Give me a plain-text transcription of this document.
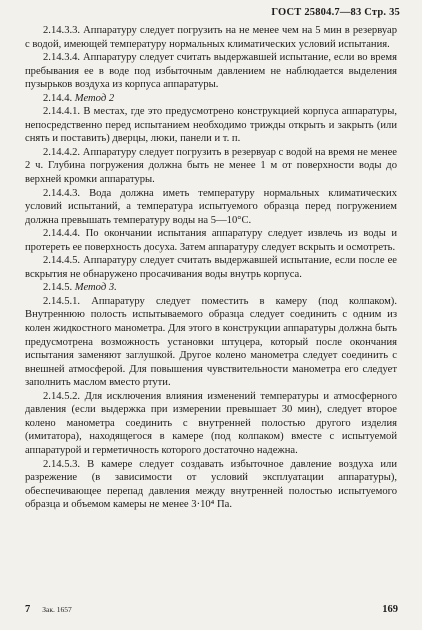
ГОСТ 25804.7—83 Стр. 35

2.14.3.3. Аппаратуру следует погрузить на не менее чем на 5 мин в резервуар с водой, имеющей температуру нормальных климатических условий испытания.

2.14.3.4. Аппаратуру следует считать выдержавшей испытание, если во время пребывания ее в воде под избыточным давлением не наблюдается выделения пузырьков воздуха из корпуса аппаратуры.

2.14.4. Метод 2

2.14.4.1. В местах, где это предусмотрено конструкцией корпуса аппаратуры, непосредственно перед испытанием необходимо трижды открыть и закрыть (или снять и поставить) дверцы, люки, панели и т. п.

2.14.4.2. Аппаратуру следует погрузить в резервуар с водой на время не менее 2 ч. Глубина погружения должна быть не менее 1 м от поверхности воды до верхней кромки аппаратуры.

2.14.4.3. Вода должна иметь температуру нормальных климатических условий испытаний, а температура испытуемого образца перед погружением должна превышать температуру воды на 5—10°С.

2.14.4.4. По окончании испытания аппаратуру следует извлечь из воды и протереть ее поверхность досуха. Затем аппаратуру следует вскрыть и осмотреть.

2.14.4.5. Аппаратуру следует считать выдержавшей испытание, если после ее вскрытия не обнаружено просачивания воды внутрь корпуса.

2.14.5. Метод 3.

2.14.5.1. Аппаратуру следует поместить в камеру (под колпаком). Внутреннюю полость испытываемого образца следует соединить с одним из колен жидкостного манометра. Для этого в конструкции аппаратуры должна быть предусмотрена возможность установки штуцера, который после окончания испытания заменяют заглушкой. Другое колено манометра следует соединить с внешней атмосферой. Для повышения чувствительности манометра его следует заполнить маслом вместо ртути.

2.14.5.2. Для исключения влияния изменений температуры и атмосферного давления (если выдержка при измерении превышает 30 мин), следует второе колено манометра соединить с внутренней полостью другого изделия (имитатора), находящегося в камере (под колпаком) вместе с испытуемой аппаратурой и герметичность которого достаточно надежна.

2.14.5.3. В камере следует создавать избыточное давление воздуха или разрежение (в зависимости от условий эксплуатации аппаратуры), обеспечивающее перепад давления между внутренней полостью испытуемого образца и объемом камеры не менее 3·10⁴ Па.

7 Зак. 1657	169
